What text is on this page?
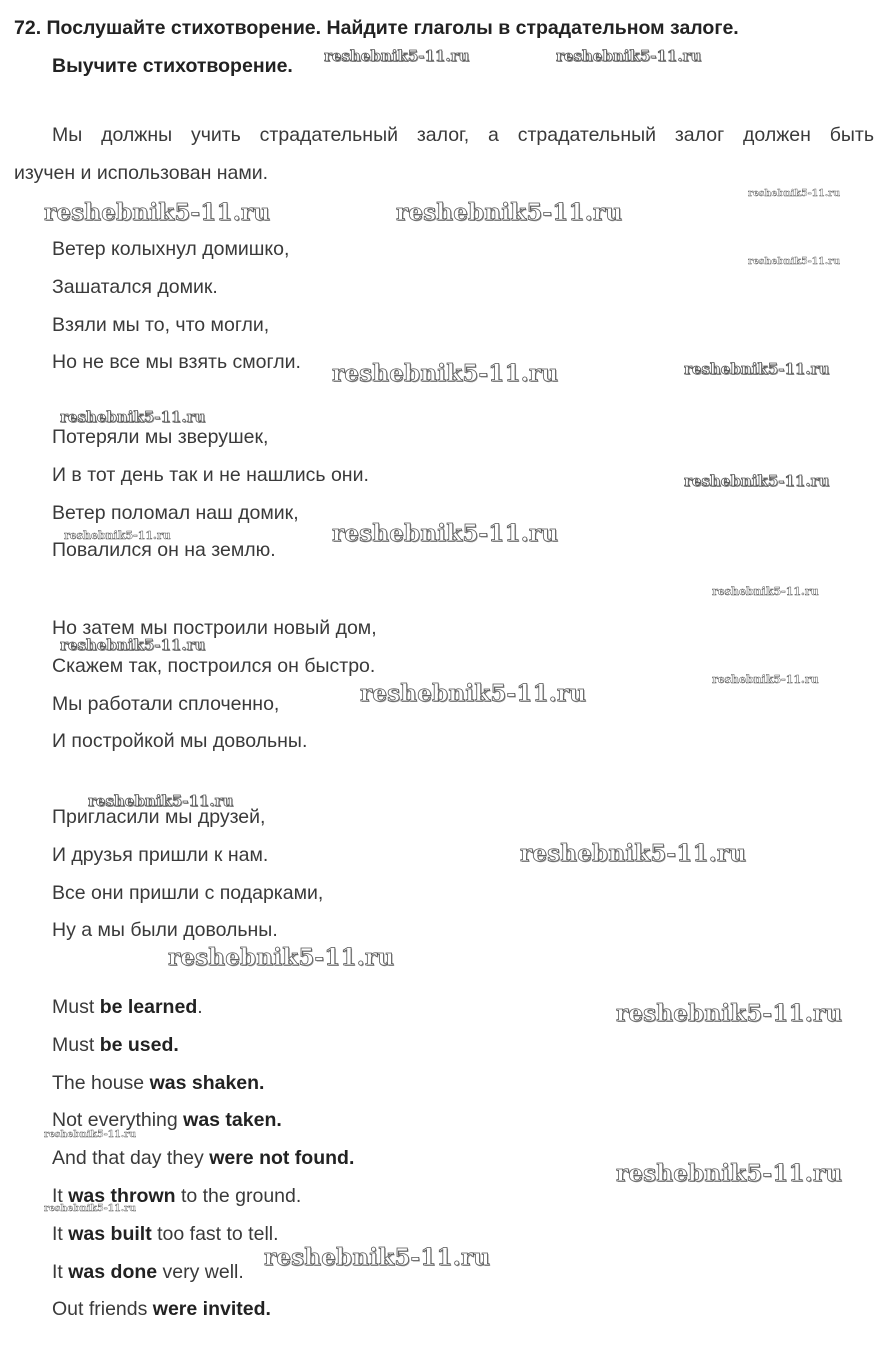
72. Послушайте стихотворение. Найдите глаголы в страдательном залоге.
Выучите стихотворение.
Мы должны учить страдательный залог, а страдательный залог должен быть
изучен и использован нами.
Ветер колыхнул домишко,
Зашатался домик.
Взяли мы то, что могли,
Но не все мы взять смогли.
Потеряли мы зверушек,
И в тот день так и не нашлись они.
Ветер поломал наш домик,
Повалился он на землю.
Но затем мы построили новый дом,
Скажем так, построился он быстро.
Мы работали сплоченно,
И постройкой мы довольны.
Пригласили мы друзей,
И друзья пришли к нам.
Все они пришли с подарками,
Ну а мы были довольны.
Must be learned.
Must be used.
The house was shaken.
Not everything was taken.
And that day they were not found.
It was thrown to the ground.
It was built too fast to tell.
It was done very well.
Out friends were invited.
reshebnik5-11.ru	reshebnik5-11.ru
reshebnik5-11.ru
reshebnik5-11.ru	reshebnik5-11.ru
reshebnik5-11.ru
reshebnik5-11.ru	reshebnik5-11.ru
reshebnik5-11.ru
reshebnik5-11.ru
reshebnik5-11.ru
reshebnik5-11.ru
reshebnik5-11.ru
reshebnik5-11.ru
reshebnik5-11.ru
reshebnik5-11.ru
reshebnik5-11.ru
reshebnik5-11.ru
reshebnik5-11.ru
reshebnik5-11.ru
reshebnik5-11.ru
reshebnik5-11.ru
reshebnik5-11.ru
reshebnik5-11.ru
